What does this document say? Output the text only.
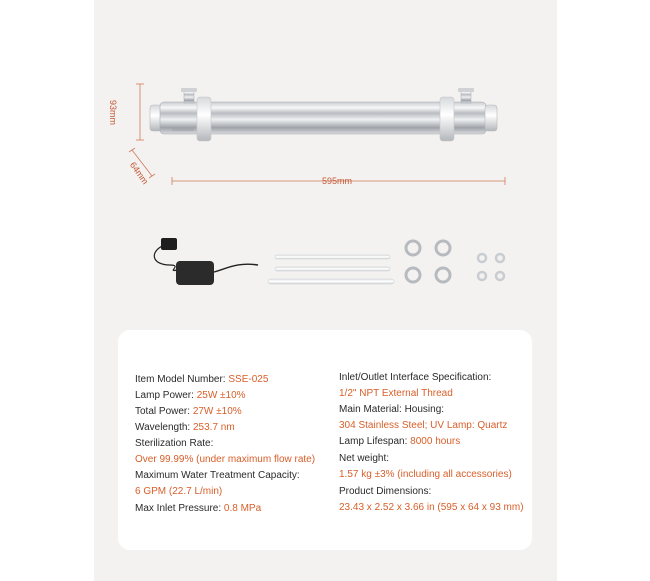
93mm
64mm	595mm
Item Model Number: SSE-025
Lamp Power: 25W ±10%
Total Power: 27W ±10%
Wavelength: 253.7 nm
Sterilization Rate:
Over 99.99% (under maximum flow rate)
Maximum Water Treatment Capacity:
6 GPM (22.7 L/min)
Max Inlet Pressure: 0.8 MPa
Inlet/Outlet Interface Specification:
1/2" NPT External Thread
Main Material: Housing:
304 Stainless Steel; UV Lamp: Quartz
Lamp Lifespan: 8000 hours
Net weight:
1.57 kg ±3% (including all accessories)
Product Dimensions:
23.43 x 2.52 x 3.66 in (595 x 64 x 93 mm)
